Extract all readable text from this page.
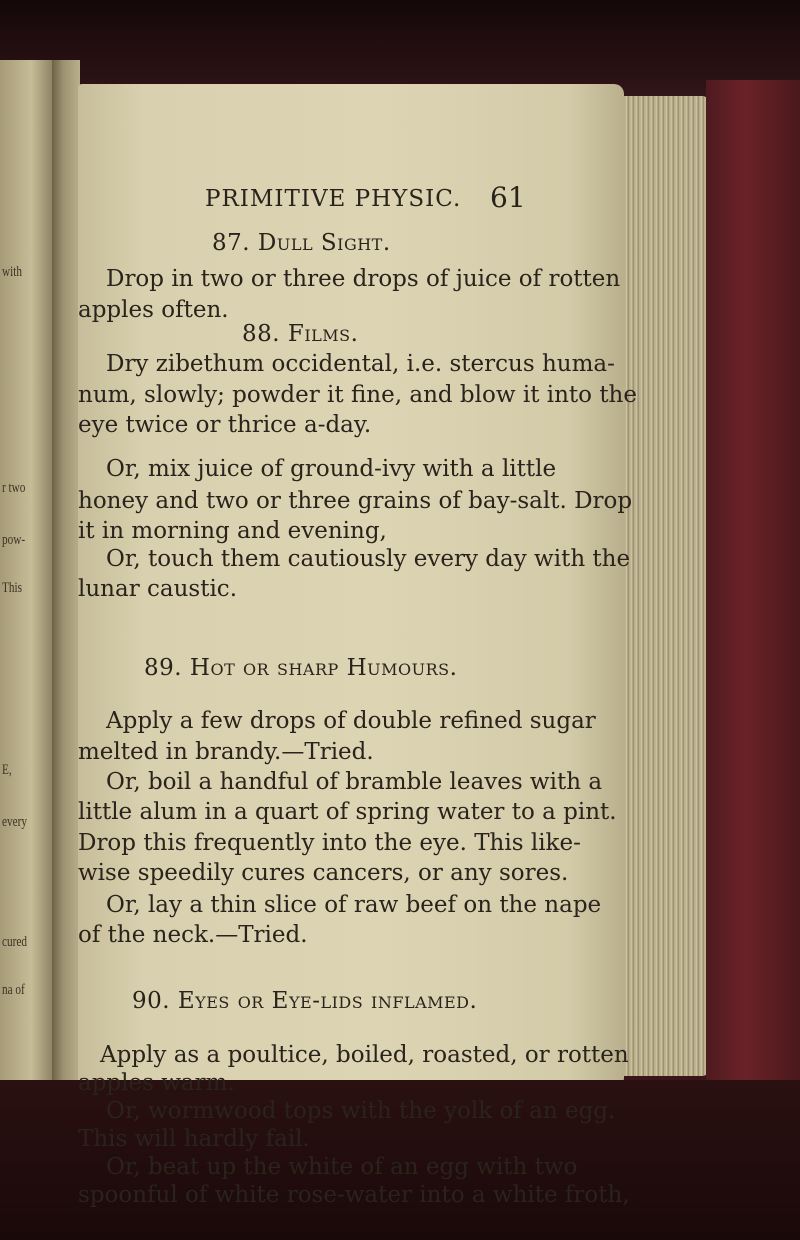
with
r two
pow-
This
E,
every
cured
na of
PRIMITIVE PHYSIC. 61
87. Dull Sight.
Drop in two or three drops of juice of rotten
apples often.
88. Films.
Dry zibethum occidental, i.e. stercus huma-
num, slowly; powder it fine, and blow it into the
eye twice or thrice a-day.
Or, mix juice of ground-ivy with a little
honey and two or three grains of bay-salt. Drop
it in morning and evening,
Or, touch them cautiously every day with the
lunar caustic.
89. Hot or sharp Humours.
Apply a few drops of double refined sugar
melted in brandy.—Tried.
Or, boil a handful of bramble leaves with a
little alum in a quart of spring water to a pint.
Drop this frequently into the eye. This like-
wise speedily cures cancers, or any sores.
Or, lay a thin slice of raw beef on the nape
of the neck.—Tried.
90. Eyes or Eye-lids inflamed.
Apply as a poultice, boiled, roasted, or rotten
apples warm.
Or, wormwood tops with the yolk of an egg.
This will hardly fail.
Or, beat up the white of an egg with two
spoonful of white rose-water into a white froth,
